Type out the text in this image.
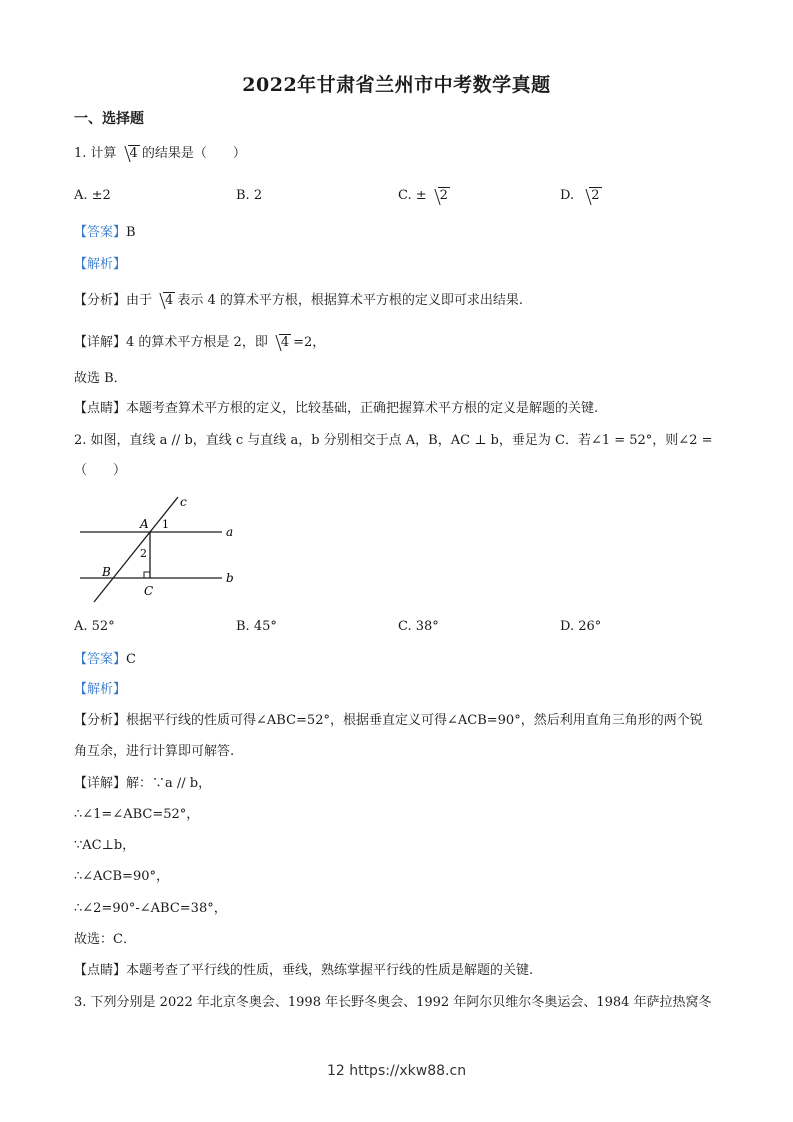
2022年甘肃省兰州市中考数学真题
一、选择题
1. 计算 4 的结果是（　　）
A. ±2	B. 2	C. ± 2	D. 2
【答案】B
【解析】
【分析】由于 4 表示 4 的算术平方根，根据算术平方根的定义即可求出结果.
【详解】4 的算术平方根是 2，即 4 =2，
故选 B．
【点睛】本题考查算术平方根的定义，比较基础，正确把握算术平方根的定义是解题的关键.
2. 如图，直线 a // b，直线 c 与直线 a，b 分别相交于点 A，B，AC ⊥ b，垂足为 C．若∠1 = 52°，则∠2 =
（　　）
c
a
b
A
B
C
1
2
A. 52°	B. 45°	C. 38°	D. 26°
【答案】C
【解析】
【分析】根据平行线的性质可得∠ABC=52°，根据垂直定义可得∠ACB=90°，然后利用直角三角形的两个锐
角互余，进行计算即可解答.
【详解】解：∵a // b，
∴∠1=∠ABC=52°，
∵AC⊥b，
∴∠ACB=90°，
∴∠2=90°-∠ABC=38°，
故选：C．
【点睛】本题考查了平行线的性质，垂线，熟练掌握平行线的性质是解题的关键.
3. 下列分别是 2022 年北京冬奥会、1998 年长野冬奥会、1992 年阿尔贝维尔冬奥运会、1984 年萨拉热窝冬
12 https://xkw88.cn
